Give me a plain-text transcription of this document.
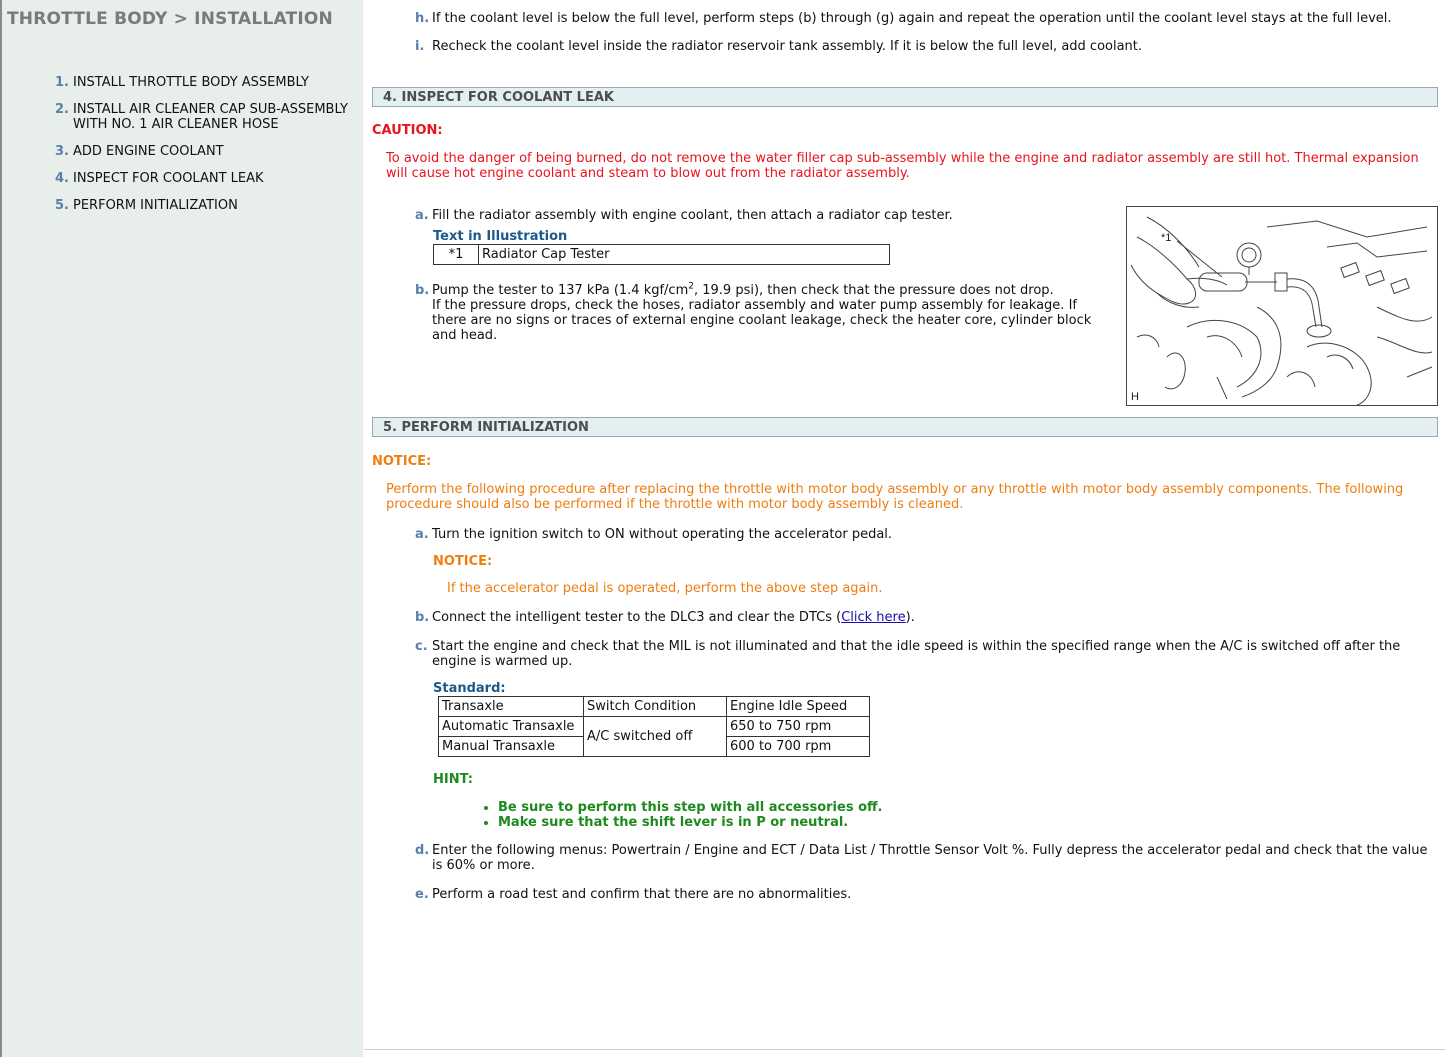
THROTTLE BODY > INSTALLATION
1. INSTALL THROTTLE BODY ASSEMBLY
2. INSTALL AIR CLEANER CAP SUB-ASSEMBLY WITH NO. 1 AIR CLEANER HOSE
3. ADD ENGINE COOLANT
4. INSPECT FOR COOLANT LEAK
5. PERFORM INITIALIZATION
h. If the coolant level is below the full level, perform steps (b) through (g) again and repeat the operation until the coolant level stays at the full level.
i. Recheck the coolant level inside the radiator reservoir tank assembly. If it is below the full level, add coolant.
4. INSPECT FOR COOLANT LEAK
CAUTION:
To avoid the danger of being burned, do not remove the water filler cap sub-assembly while the engine and radiator assembly are still hot. Thermal expansion will cause hot engine coolant and steam to blow out from the radiator assembly.
a. Fill the radiator assembly with engine coolant, then attach a radiator cap tester.
Text in Illustration
*1	Radiator Cap Tester
b. Pump the tester to 137 kPa (1.4 kgf/$cm^2$, 19.9 psi), then check that the pressure does not drop.
If the pressure drops, check the hoses, radiator assembly and water pump assembly for leakage. If there are no signs or traces of external engine coolant leakage, check the heater core, cylinder block and head.
*1
H
5. PERFORM INITIALIZATION
NOTICE:
Perform the following procedure after replacing the throttle with motor body assembly or any throttle with motor body assembly components. The following procedure should also be performed if the throttle with motor body assembly is cleaned.
a. Turn the ignition switch to ON without operating the accelerator pedal.
NOTICE:
If the accelerator pedal is operated, perform the above step again.
b. Connect the intelligent tester to the DLC3 and clear the DTCs (Click here).
c. Start the engine and check that the MIL is not illuminated and that the idle speed is within the specified range when the A/C is switched off after the engine is warmed up.
Standard:
Transaxle	Switch Condition	Engine Idle Speed
Automatic Transaxle	A/C switched off	650 to 750 rpm
Manual Transaxle		600 to 700 rpm
HINT:
• Be sure to perform this step with all accessories off.
• Make sure that the shift lever is in P or neutral.
d. Enter the following menus: Powertrain / Engine and ECT / Data List / Throttle Sensor Volt %. Fully depress the accelerator pedal and check that the value is 60% or more.
e. Perform a road test and confirm that there are no abnormalities.
